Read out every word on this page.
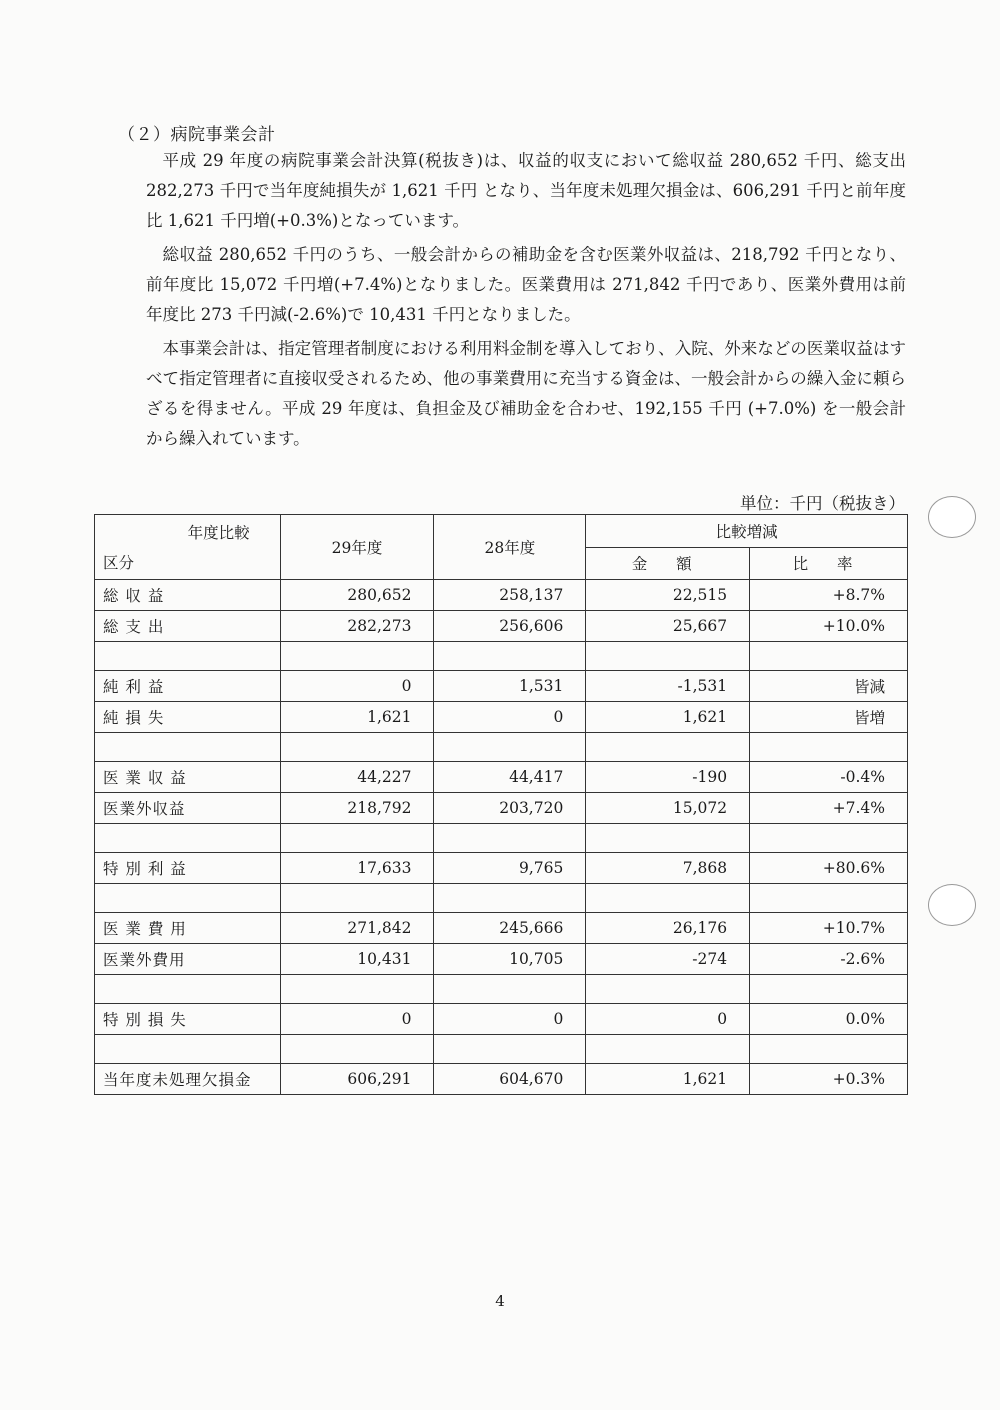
（２）病院事業会計

平成 29 年度の病院事業会計決算(税抜き)は、収益的収支において総収益 280,652 千円、総支出 282,273 千円で当年度純損失が 1,621 千円 となり、当年度未処理欠損金は、606,291 千円と前年度比 1,621 千円増(+0.3%)となっています。

総収益 280,652 千円のうち、一般会計からの補助金を含む医業外収益は、218,792 千円となり、前年度比 15,072 千円増(+7.4%)となりました。医業費用は 271,842 千円であり、医業外費用は前年度比 273 千円減(-2.6%)で 10,431 千円となりました。

本事業会計は、指定管理者制度における利用料金制を導入しており、入院、外来などの医業収益はすべて指定管理者に直接収受されるため、他の事業費用に充当する資金は、一般会計からの繰入金に頼らざるを得ません。平成 29 年度は、負担金及び補助金を合わせ、192,155 千円 (+7.0%) を一般会計から繰入れています。

単位：千円（税抜き）
年度比較
区分	29年度	28年度	比較増減	
			金 額	比 率
総 収 益	280,652	258,137	22,515	+8.7%
総 支 出	282,273	256,606	25,667	+10.0%

純 利 益	0	1,531	-1,531	皆減
純 損 失	1,621	0	1,621	皆増

医 業 収 益	44,227	44,417	-190	-0.4%
医業外収益	218,792	203,720	15,072	+7.4%

特 別 利 益	17,633	9,765	7,868	+80.6%

医 業 費 用	271,842	245,666	26,176	+10.7%
医業外費用	10,431	10,705	-274	-2.6%

特 別 損 失	0	0	0	0.0%

当年度未処理欠損金	606,291	604,670	1,621	+0.3%
4
